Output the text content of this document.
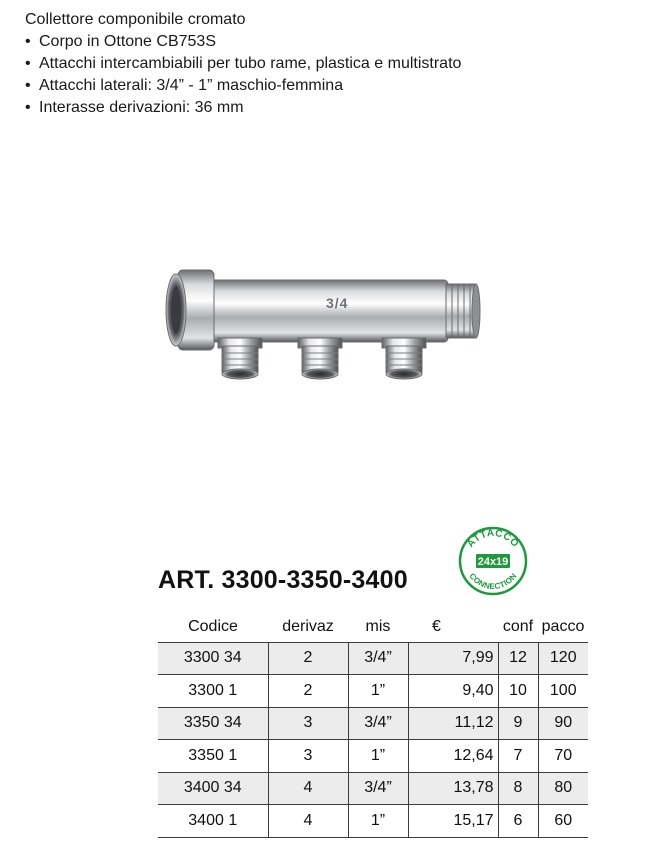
Collettore componibile cromato
• Corpo in Ottone CB753S
• Attacchi intercambiabili per tubo rame, plastica e multistrato
• Attacchi laterali: 3/4” - 1” maschio-femmina
• Interasse derivazioni: 36 mm
3/4
ART. 3300-3350-3400
ATTACCO
CONNECTION
24x19
Codice	derivaz	mis	€	conf	pacco
3300 34	2	3/4”	7,99	12	120
3300 1	2	1”	9,40	10	100
3350 34	3	3/4”	11,12	9	90
3350 1	3	1”	12,64	7	70
3400 34	4	3/4”	13,78	8	80
3400 1	4	1”	15,17	6	60
